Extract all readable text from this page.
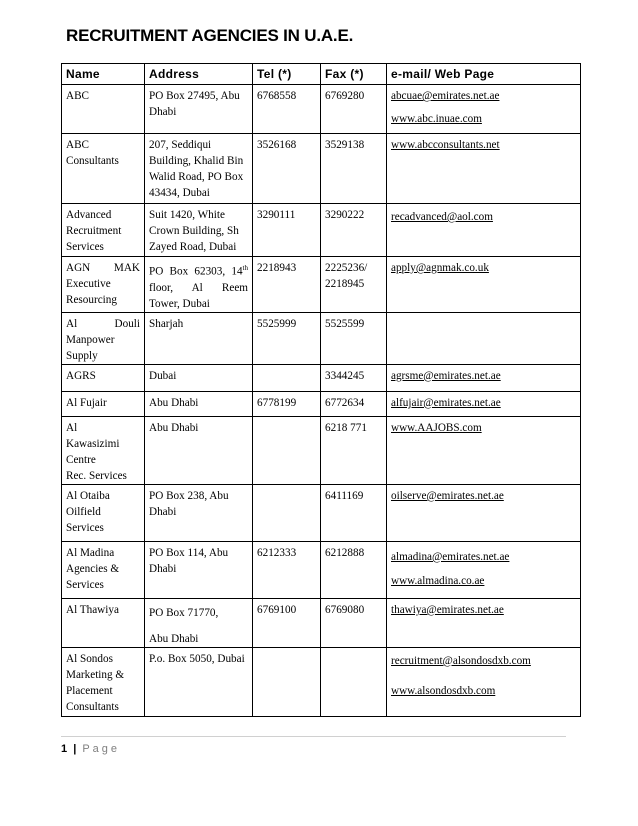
RECRUITMENT AGENCIES IN U.A.E.
Name	Address	Tel (*)	Fax (*)	e-mail/ Web Page
ABC	PO Box 27495, Abu Dhabi	6768558	6769280	abcuae@emirates.net.ae
www.abc.inuae.com

ABC Consultants	207, Seddiqui Building, Khalid Bin Walid Road, PO Box 43434, Dubai	3526168	3529138	www.abcconsultants.net

Advanced Recruitment Services	Suit 1420, White Crown Building, Sh Zayed Road, Dubai	3290111	3290222	recadvanced@aol.com

AGN MAK
Executive
Resourcing	PO Box 62303, 14th
floor, Al Reem
Tower, Dubai	2218943	2225236/ 2218945	apply@agnmak.co.uk

Al Douli
Manpower
Supply	Sharjah	5525999	5525599	
AGRS	Dubai		3344245	agrsme@emirates.net.ae

Al Fujair	Abu Dhabi	6778199	6772634	alfujair@emirates.net.ae

Al
Kawasizimi
Centre
Rec. Services	Abu Dhabi		6218 771	www.AAJOBS.com

Al Otaiba Oilfield Services	PO Box 238, Abu Dhabi		6411169	oilserve@emirates.net.ae

Al Madina Agencies & Services	PO Box 114, Abu Dhabi	6212333	6212888	almadina@emirates.net.ae
www.almadina.co.ae

Al Thawiya	PO Box 71770,
Abu Dhabi	6769100	6769080	thawiya@emirates.net.ae

Al Sondos Marketing & Placement Consultants	P.o. Box 5050, Dubai			recruitment@alsondosdxb.com
www.alsondosdxb.com
1 | Page
